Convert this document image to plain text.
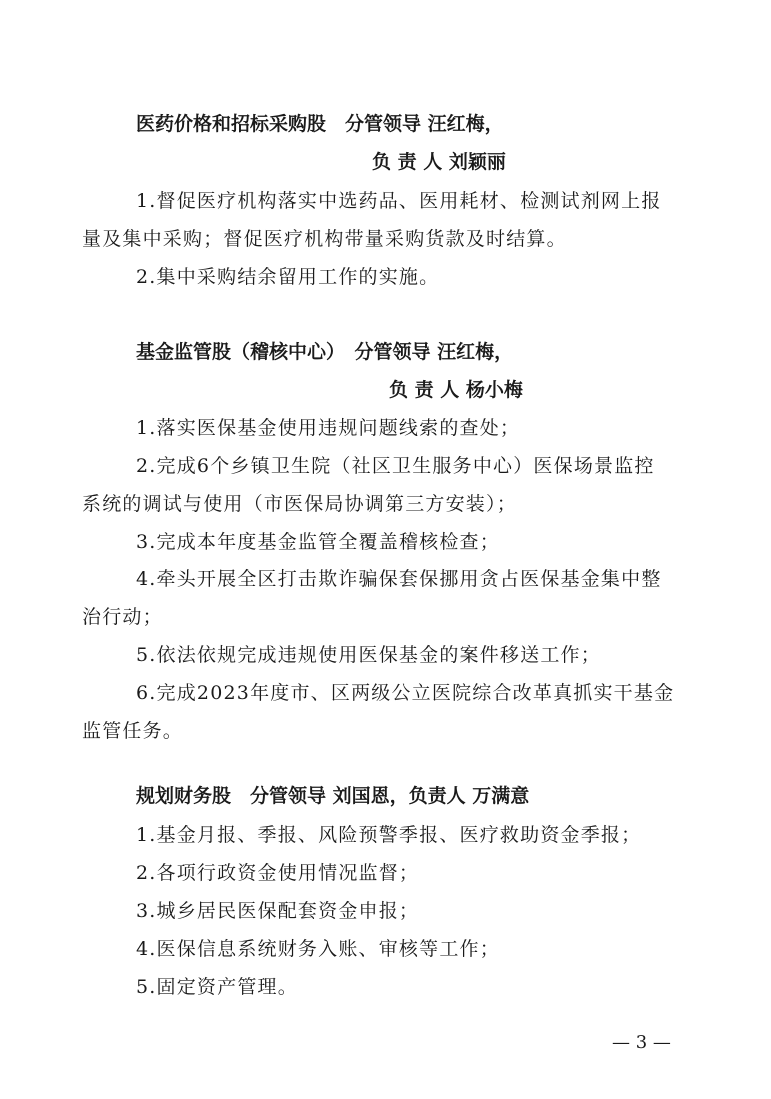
医药价格和招标采购股　分管领导 汪红梅，
负 责 人 刘颖丽
1.督促医疗机构落实中选药品、医用耗材、检测试剂网上报
量及集中采购；督促医疗机构带量采购货款及时结算。
2.集中采购结余留用工作的实施。
基金监管股（稽核中心）　分管领导 汪红梅，
负 责 人 杨小梅
1.落实医保基金使用违规问题线索的查处；
2.完成6个乡镇卫生院（社区卫生服务中心）医保场景监控
系统的调试与使用（市医保局协调第三方安装）；
3.完成本年度基金监管全覆盖稽核检查；
4.牵头开展全区打击欺诈骗保套保挪用贪占医保基金集中整
治行动；
5.依法依规完成违规使用医保基金的案件移送工作；
6.完成2023年度市、区两级公立医院综合改革真抓实干基金
监管任务。
规划财务股　分管领导 刘国恩，负责人 万满意
1.基金月报、季报、风险预警季报、医疗救助资金季报；
2.各项行政资金使用情况监督；
3.城乡居民医保配套资金申报；
4.医保信息系统财务入账、审核等工作；
5.固定资产管理。
— 3 —
